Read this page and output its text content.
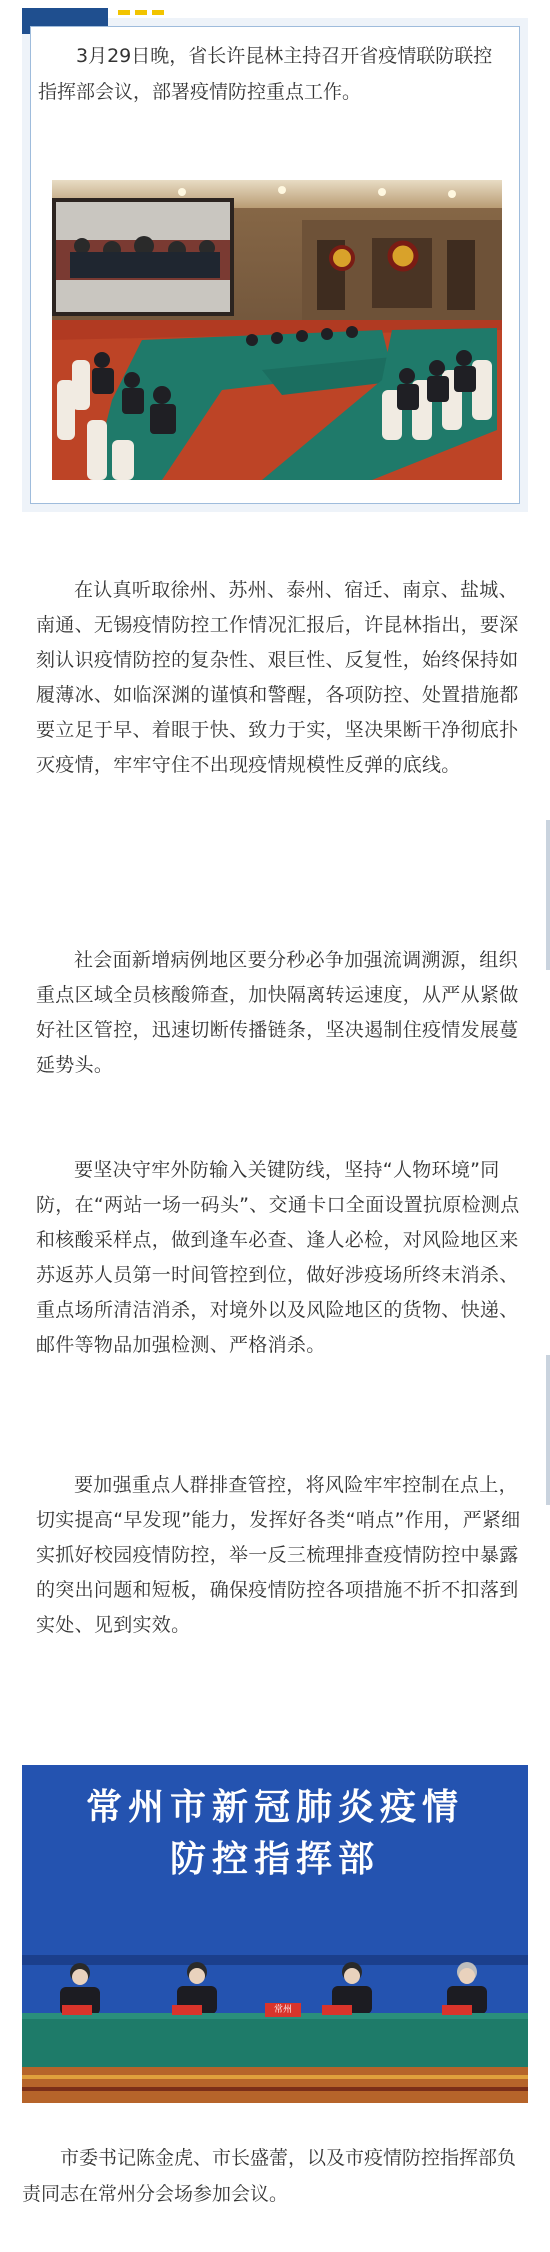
3月29日晚，省长许昆林主持召开省疫情联防联控指挥部会议，部署疫情防控重点工作。

在认真听取徐州、苏州、泰州、宿迁、南京、盐城、南通、无锡疫情防控工作情况汇报后，许昆林指出，要深刻认识疫情防控的复杂性、艰巨性、反复性，始终保持如履薄冰、如临深渊的谨慎和警醒，各项防控、处置措施都要立足于早、着眼于快、致力于实，坚决果断干净彻底扑灭疫情，牢牢守住不出现疫情规模性反弹的底线。

社会面新增病例地区要分秒必争加强流调溯源，组织重点区域全员核酸筛查，加快隔离转运速度，从严从紧做好社区管控，迅速切断传播链条，坚决遏制住疫情发展蔓延势头。

要坚决守牢外防输入关键防线，坚持“人物环境”同防，在“两站一场一码头”、交通卡口全面设置抗原检测点和核酸采样点，做到逢车必查、逢人必检，对风险地区来苏返苏人员第一时间管控到位，做好涉疫场所终末消杀、重点场所清洁消杀，对境外以及风险地区的货物、快递、邮件等物品加强检测、严格消杀。

要加强重点人群排查管控，将风险牢牢控制在点上，切实提高“早发现”能力，发挥好各类“哨点”作用，严紧细实抓好校园疫情防控，举一反三梳理排查疫情防控中暴露的突出问题和短板，确保疫情防控各项措施不折不扣落到实处、见到实效。

常州市新冠肺炎疫情
防控指挥部
常州

市委书记陈金虎、市长盛蕾，以及市疫情防控指挥部负责同志在常州分会场参加会议。
